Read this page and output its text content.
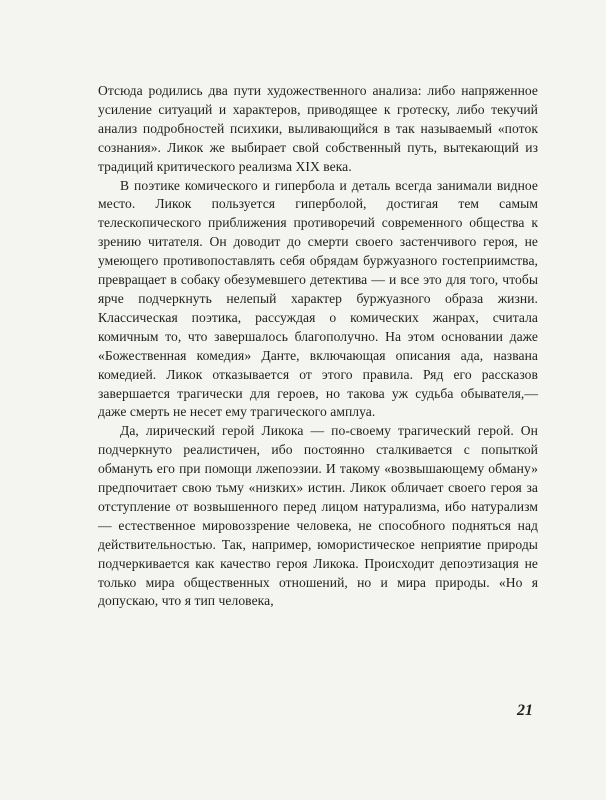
Отсюда родились два пути художественного анализа: либо напряженное усиление ситуаций и характеров, приводящее к гротеску, либо текучий анализ подробностей психики, выливающийся в так называемый «поток сознания». Ликок же выбирает свой собственный путь, вытекающий из традиций критического реализма XIX века.

В поэтике комического и гипербола и деталь всегда занимали видное место. Ликок пользуется гиперболой, достигая тем самым телескопического приближения противоречий современного общества к зрению читателя. Он доводит до смерти своего застенчивого героя, не умеющего противопоставлять себя обрядам буржуазного гостеприимства, превращает в собаку обезумевшего детектива — и все это для того, чтобы ярче подчеркнуть нелепый характер буржуазного образа жизни. Классическая поэтика, рассуждая о комических жанрах, считала комичным то, что завершалось благополучно. На этом основании даже «Божественная комедия» Данте, включающая описания ада, названа комедией. Ликок отказывается от этого правила. Ряд его рассказов завершается трагически для героев, но такова уж судьба обывателя,— даже смерть не несет ему трагического амплуа.

Да, лирический герой Ликока — по-своему трагический герой. Он подчеркнуто реалистичен, ибо постоянно сталкивается с попыткой обмануть его при помощи лжепоэзии. И такому «возвышающему обману» предпочитает свою тьму «низких» истин. Ликок обличает своего героя за отступление от возвышенного перед лицом натурализма, ибо натурализм — естественное мировоззрение человека, не способного подняться над действительностью. Так, например, юмористическое неприятие природы подчеркивается как качество героя Ликока. Происходит депоэтизация не только мира общественных отношений, но и мира природы. «Но я допускаю, что я тип человека,

21
